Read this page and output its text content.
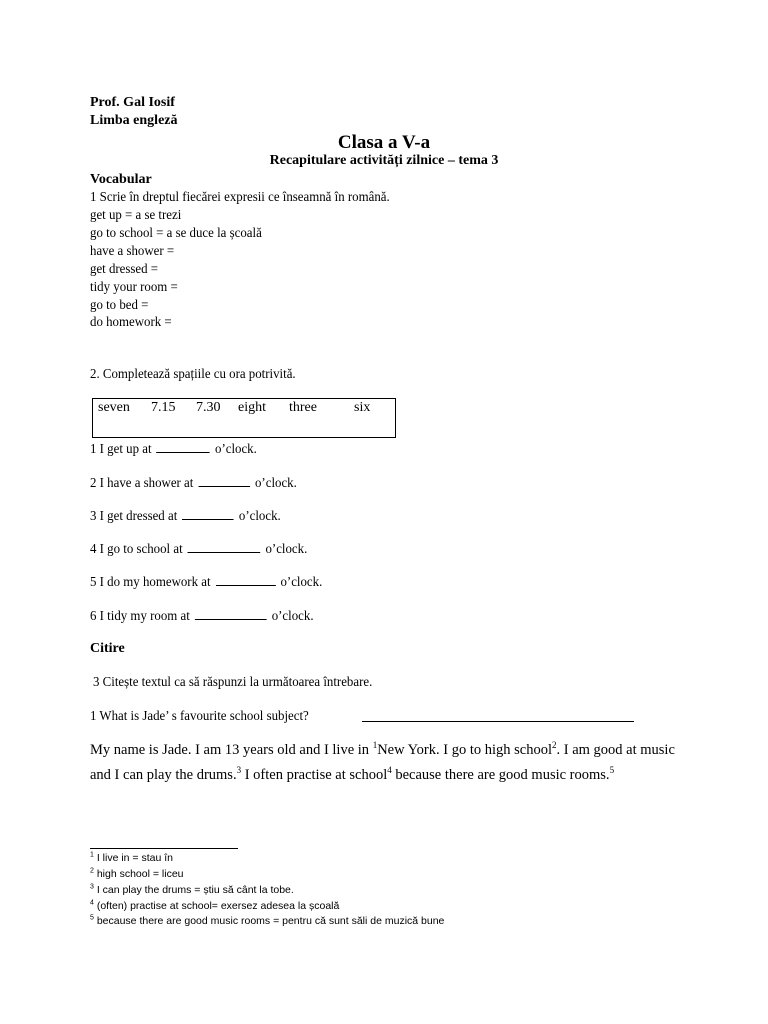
Prof. Gal Iosif
Limba engleză
Clasa a V-a
Recapitulare activități zilnice – tema 3
Vocabular
1 Scrie în dreptul fiecărei expresii ce înseamnă în română.
get up = a se trezi
go to school = a se duce la școală
have a shower =
get dressed =
tidy your room =
go to bed =
do homework =
2. Completează spațiile cu ora potrivită.
seven 7.15 7.30 eight three	six
1 I get up at	o’clock.
2 I have a shower at	o’clock.
3 I get dressed at	o’clock.
4 I go to school at	o’clock.
5 I do my homework at	o’clock.
6 I tidy my room at	o’clock.
Citire
3 Citește textul ca să răspunzi la următoarea întrebare.
1 What is Jade’ s favourite school subject?
My name is Jade. I am 13 years old and I live in $^1$New York. I go to high school$^2$. I am good at music and I can play the drums.$^3$ I often practise at school$^4$ because there are good music rooms.$^5$
$^1$ I live in = stau în
$^2$ high school = liceu
$^3$ I can play the drums = știu să cânt la tobe.
$^4$ (often) practise at school= exersez adesea la școală
$^5$ because there are good music rooms = pentru că sunt săli de muzică bune
